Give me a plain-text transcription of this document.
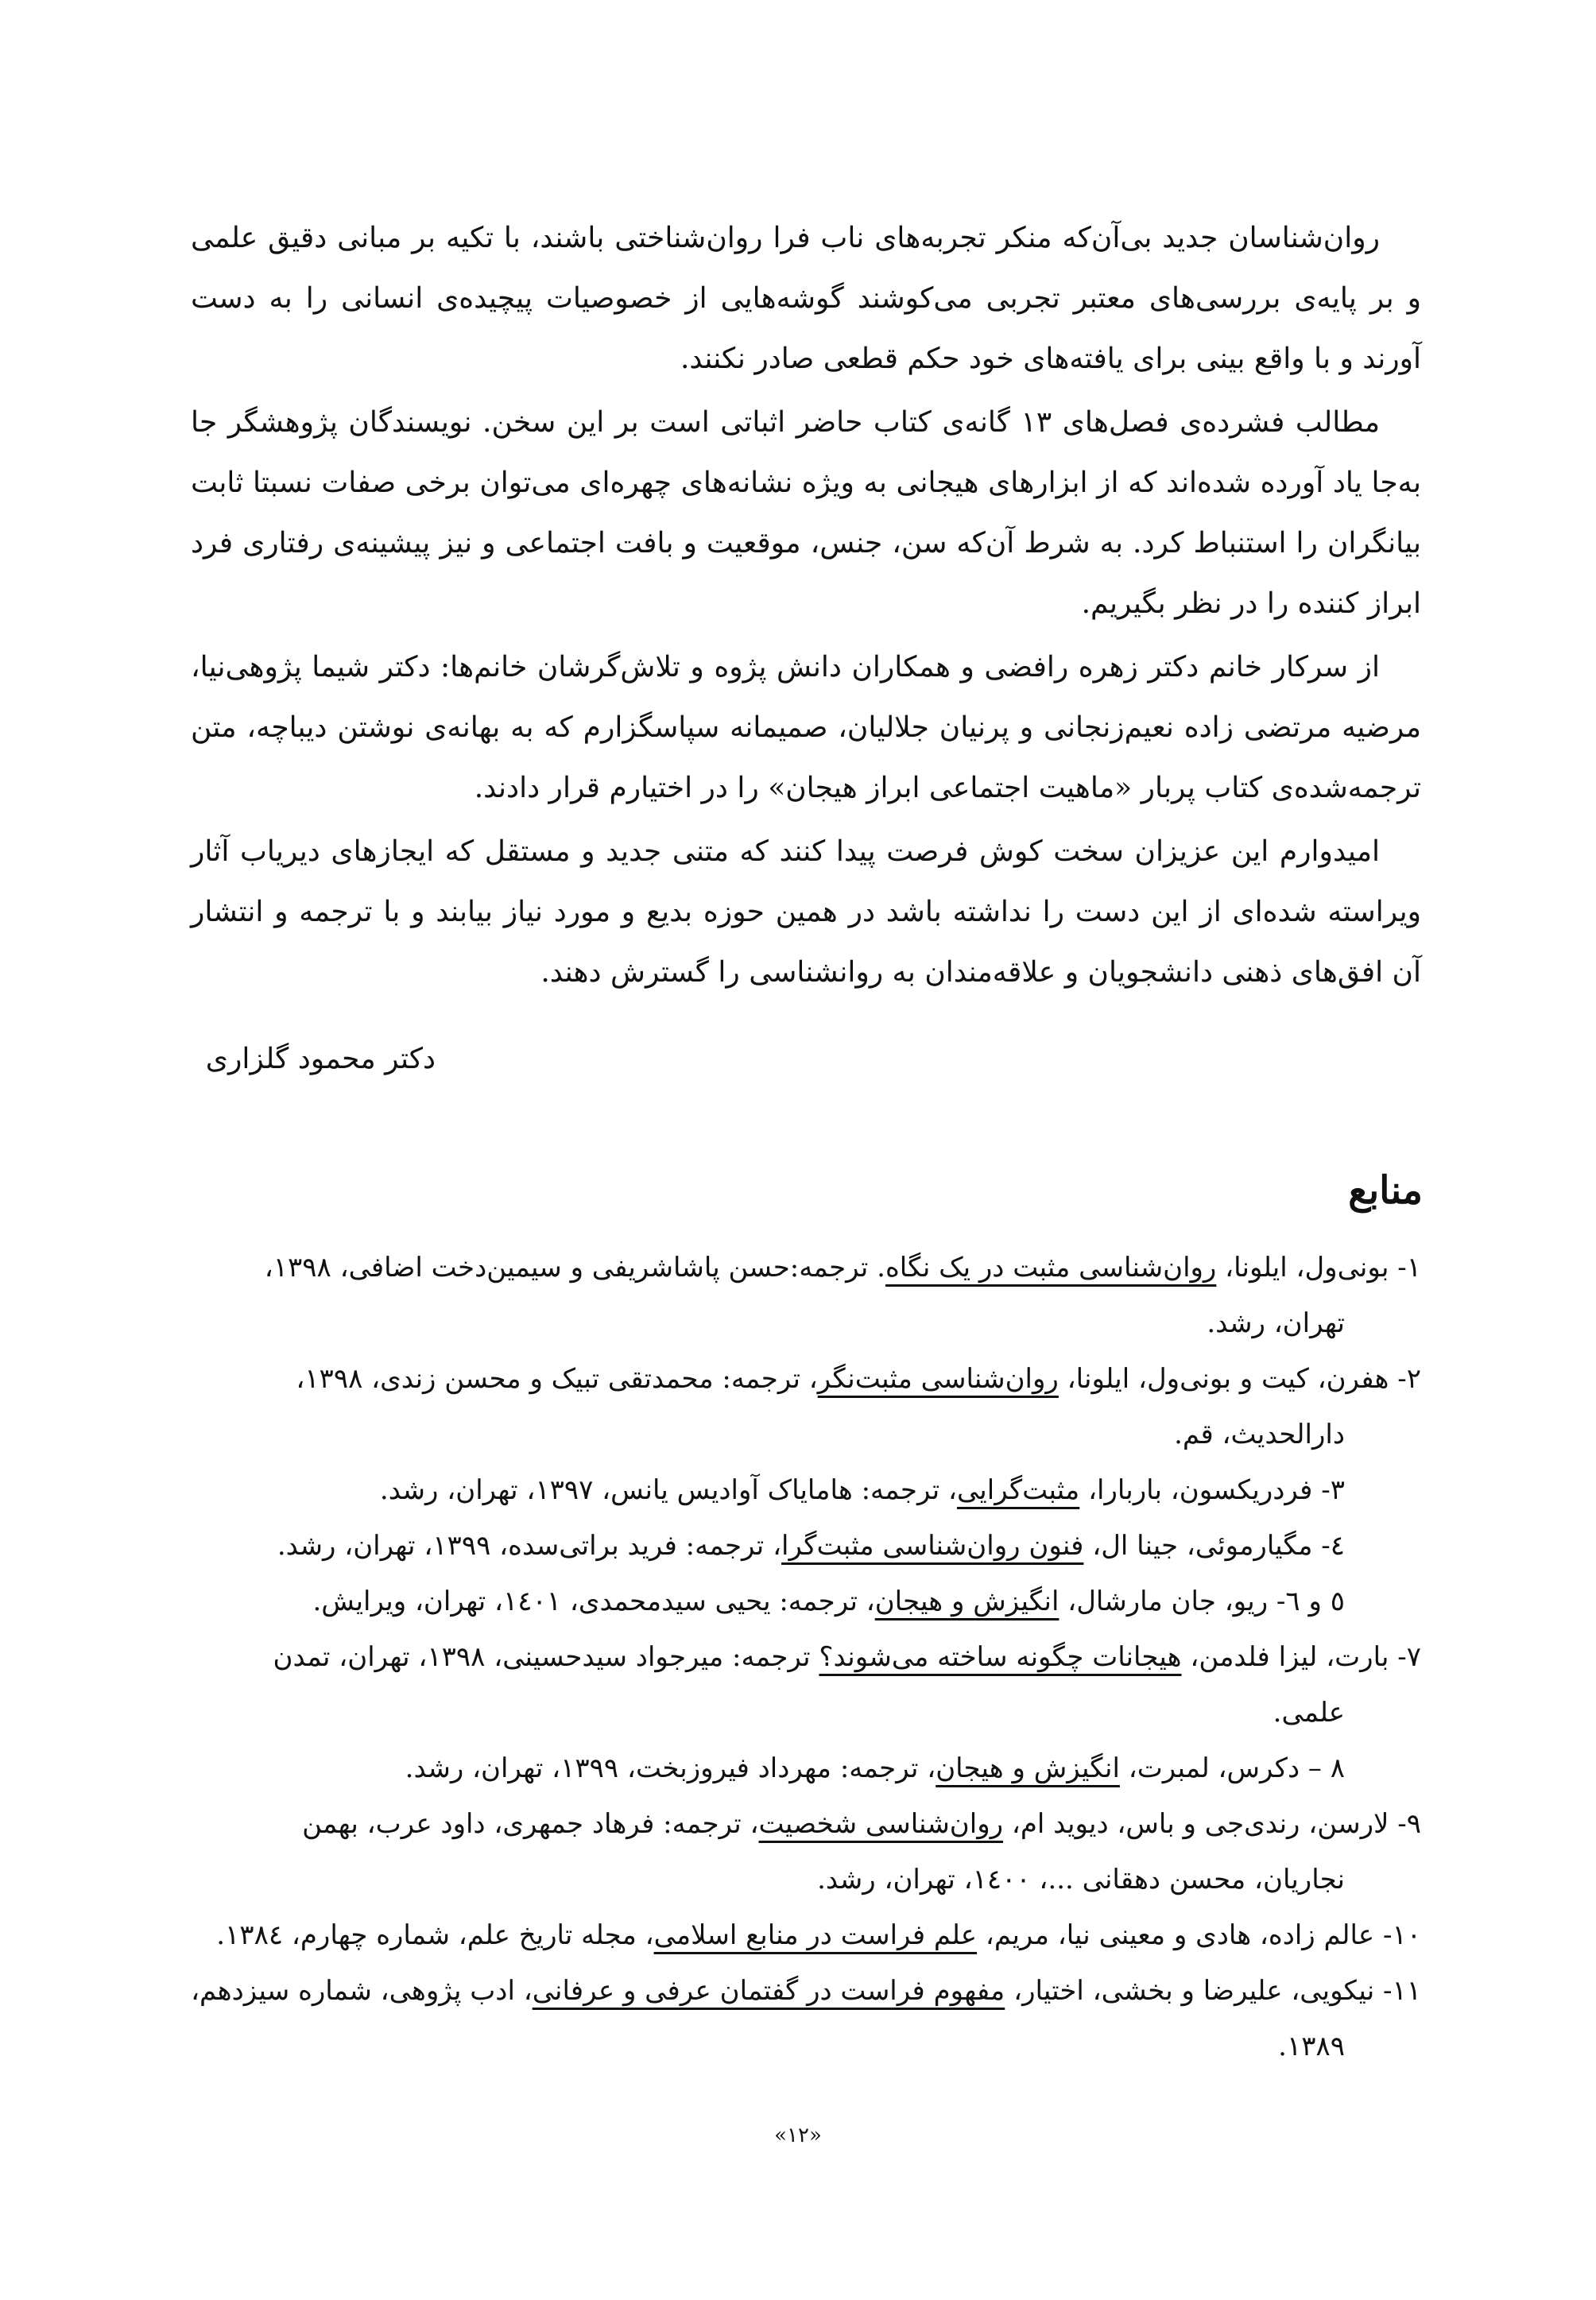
روان‌شناسان جدید بی‌آن‌که منکر تجربه‌های ناب فرا روان‌شناختی باشند، با تکیه بر مبانی دقیق علمی و بر پایه‌ی بررسی‌های معتبر تجربی می‌کوشند گوشه‌هایی از خصوصیات پیچیده‌ی انسانی را به دست آورند و با واقع بینی برای یافته‌های خود حکم قطعی صادر نکنند.

مطالب فشرده‌ی فصل‌های ۱۳ گانه‌ی کتاب حاضر اثباتی است بر این سخن. نویسندگان پژوهشگر جا به‌جا یاد آورده شده‌اند که از ابزارهای هیجانی به ویژه نشانه‌های چهره‌ای می‌توان برخی صفات نسبتا ثابت بیانگران را استنباط کرد. به شرط آن‌که سن، جنس، موقعیت و بافت اجتماعی و نیز پیشینه‌ی رفتاری فرد ابراز کننده را در نظر بگیریم.

از سرکار خانم دکتر زهره رافضی و همکاران دانش پژوه و تلاش‌گرشان خانم‌ها: دکتر شیما پژوهی‌نیا، مرضیه مرتضی زاده نعیم‌زنجانی و پرنیان جلالیان، صمیمانه سپاسگزارم که به بهانه‌ی نوشتن دیباچه، متن ترجمه‌شده‌ی کتاب پربار «ماهیت اجتماعی ابراز هیجان» را در اختیارم قرار دادند.

امیدوارم این عزیزان سخت کوش فرصت پیدا کنند که متنی جدید و مستقل که ایجازهای دیریاب آثار ویراسته شده‌ای از این دست را نداشته باشد در همین حوزه بدیع و مورد نیاز بیابند و با ترجمه و انتشار آن افق‌های ذهنی دانشجویان و علاقه‌مندان به روانشناسی را گسترش دهند.

دکتر محمود گلزاری
منابع
۱- بونی‌ول، ایلونا، روان‌شناسی مثبت در یک نگاه. ترجمه:حسن پاشاشریفی و سیمین‌دخت اضافی، ۱۳۹۸،
تهران، رشد.
۲- هفرن، کیت و بونی‌ول، ایلونا، روان‌شناسی مثبت‌نگر، ترجمه: محمدتقی تبیک و محسن زندی، ۱۳۹۸،
دارالحدیث، قم.
۳- فردریکسون، باربارا، مثبت‌گرایی، ترجمه: هامایاک آوادیس یانس، ۱۳۹۷، تهران، رشد.
٤- مگیارموئی، جینا ال، فنون روان‌شناسی مثبت‌گرا، ترجمه: فرید براتی‌سده، ۱۳۹۹، تهران، رشد.
٥ و ٦- ریو، جان مارشال، انگیزش و هیجان، ترجمه: یحیی سیدمحمدی، ١٤٠١، تهران، ویرایش.
۷- بارت، لیزا فلدمن، هیجانات چگونه ساخته می‌شوند؟ ترجمه: میرجواد سیدحسینی، ۱۳۹۸، تهران، تمدن
علمی.
۸ – دکرس، لمبرت، انگیزش و هیجان، ترجمه: مهرداد فیروزبخت، ۱۳۹۹، تهران، رشد.
۹- لارسن، رندی‌جی و باس، دیوید ام، روان‌شناسی شخصیت، ترجمه: فرهاد جمهری، داود عرب، بهمن
نجاریان، محسن دهقانی ...، ١٤٠٠، تهران، رشد.
۱۰- عالم زاده، هادی و معینی نیا، مریم، علم فراست در منابع اسلامی، مجله تاریخ علم، شماره چهارم، ١٣٨٤.
۱۱- نیکویی، علیرضا و بخشی، اختیار، مفهوم فراست در گفتمان عرفی و عرفانی، ادب پژوهی، شماره سیزدهم،
۱۳۸۹.
«۱۲»
